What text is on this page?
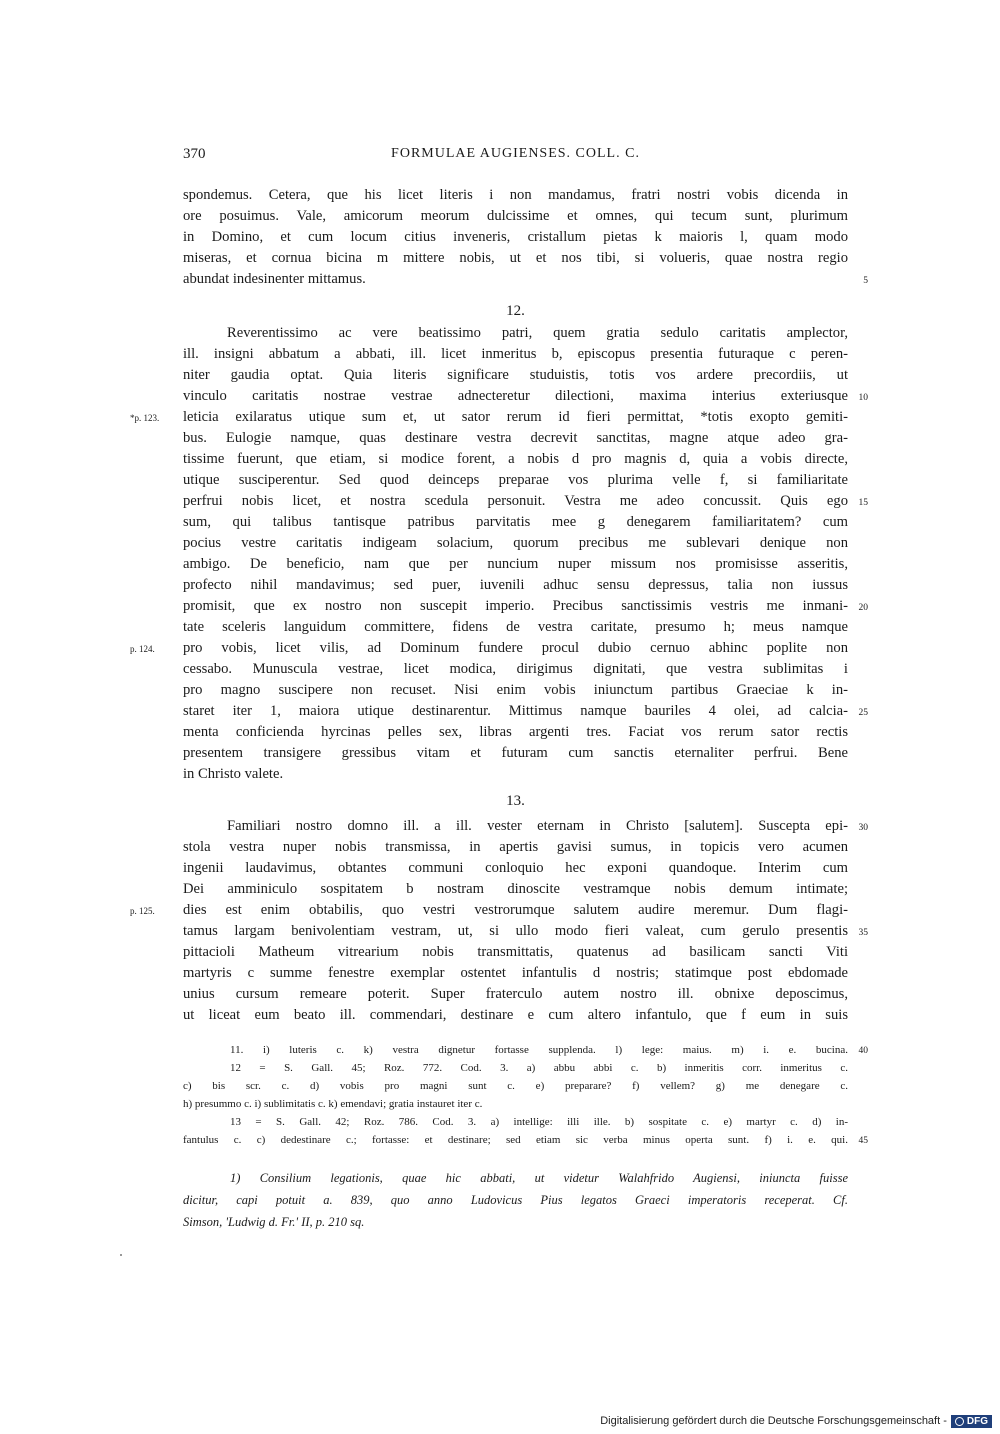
370	FORMULAE AUGIENSES. COLL. C.
spondemus. Cetera, que his licet literis i non mandamus, fratri nostri vobis dicenda in
ore posuimus. Vale, amicorum meorum dulcissime et omnes, qui tecum sunt, plurimum
in Domino, et cum locum citius inveneris, cristallum pietas k maioris l, quam modo
miseras, et cornua bicina m mittere nobis, ut et nos tibi, si volueris, quae nostra regio
abundat indesinenter mittamus.	5
12.
Reverentissimo ac vere beatissimo patri, quem gratia sedulo caritatis amplector,
ill. insigni abbatum a abbati, ill. licet inmeritus b, episcopus presentia futuraque c peren-
niter gaudia optat. Quia literis significare studuistis, totis vos ardere precordiis, ut
vinculo caritatis nostrae vestrae adnecteretur dilectioni, maxima interius exteriusque	10
*p. 123. leticia exilaratus utique sum et, ut sator rerum id fieri permittat, *totis exopto gemiti-
bus. Eulogie namque, quas destinare vestra decrevit sanctitas, magne atque adeo gra-
tissime fuerunt, que etiam, si modice forent, a nobis d pro magnis d, quia a vobis directe,
utique susciperentur. Sed quod deinceps preparae vos plurima velle f, si familiaritate
perfrui nobis licet, et nostra scedula personuit. Vestra me adeo concussit. Quis ego	15
sum, qui talibus tantisque patribus parvitatis mee g denegarem familiaritatem? cum
pocius vestre caritatis indigeam solacium, quorum precibus me sublevari denique non
ambigo. De beneficio, nam que per nuncium nuper missum nos promisisse asseritis,
profecto nihil mandavimus; sed puer, iuvenili adhuc sensu depressus, talia non iussus
promisit, que ex nostro non suscepit imperio. Precibus sanctissimis vestris me inmani-	20
tate sceleris languidum committere, fidens de vestra caritate, presumo h; meus namque
p. 124. pro vobis, licet vilis, ad Dominum fundere procul dubio cernuo abhinc poplite non
cessabo. Munuscula vestrae, licet modica, dirigimus dignitati, que vestra sublimitas i
pro magno suscipere non recuset. Nisi enim vobis iniunctum partibus Graeciae k in-
staret iter 1, maiora utique destinarentur. Mittimus namque bauriles 4 olei, ad calcia-	25
menta conficienda hyrcinas pelles sex, libras argenti tres. Faciat vos rerum sator rectis
presentem transigere gressibus vitam et futuram cum sanctis eternaliter perfrui. Bene
in Christo valete.
13.
Familiari nostro domno ill. a ill. vester eternam in Christo [salutem]. Suscepta epi-	30
stola vestra nuper nobis transmissa, in apertis gavisi sumus, in topicis vero acumen
ingenii laudavimus, obtantes communi conloquio hec exponi quandoque. Interim cum
Dei amminiculo sospitatem b nostram dinoscite vestramque nobis demum intimate;
p. 125. dies est enim obtabilis, quo vestri vestrorumque salutem audire meremur. Dum flagi-
tamus largam benivolentiam vestram, ut, si ullo modo fieri valeat, cum gerulo presentis	35
pittacioli Matheum vitrearium nobis transmittatis, quatenus ad basilicam sancti Viti
martyris c summe fenestre exemplar ostentet infantulis d nostris; statimque post ebdomade
unius cursum remeare poterit. Super fraterculo autem nostro ill. obnixe deposcimus,
ut liceat eum beato ill. commendari, destinare e cum altero infantulo, que f eum in suis
11. i) luteris c. k) vestra dignetur fortasse supplenda. l) lege: maius. m) i. e. bucina.	40
12 = S. Gall. 45; Roz. 772. Cod. 3. a) abbu abbi c. b) inmeritis corr. inmeritus c.
c) bis scr. c. d) vobis pro magni sunt c. e) preparare? f) vellem? g) me denegare c.
h) presummo c. i) sublimitatis c. k) emendavi; gratia instauret iter c.
13 = S. Gall. 42; Roz. 786. Cod. 3. a) intellige: illi ille. b) sospitate c. e) martyr c. d) in-
fantulus c. c) dedestinare c.; fortasse: et destinare; sed etiam sic verba minus operta sunt. f) i. e. qui.	45
1) Consilium legationis, quae hic abbati, ut videtur Walahfrido Augiensi, iniuncta fuisse
dicitur, capi potuit a. 839, quo anno Ludovicus Pius legatos Graeci imperatoris receperat. Cf.
Simson, 'Ludwig d. Fr.' II, p. 210 sq.
Digitalisierung gefördert durch die Deutsche Forschungsgemeinschaft - DFG
